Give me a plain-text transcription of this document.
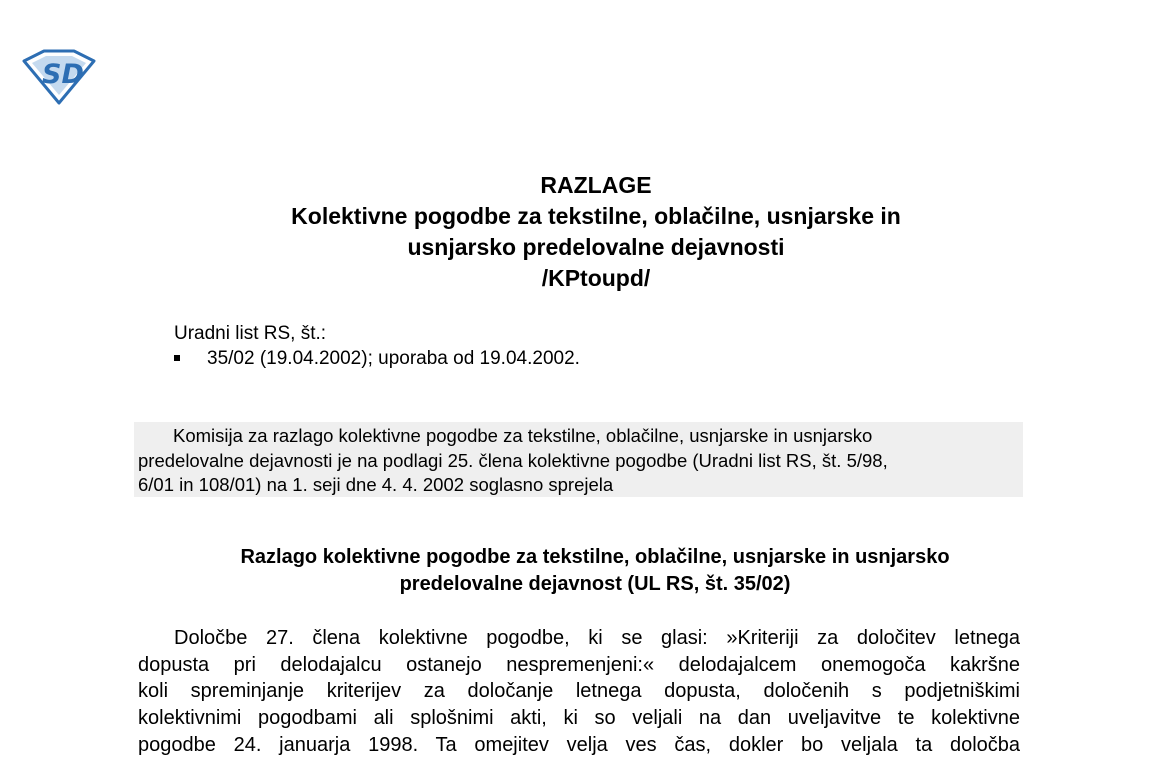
SD
RAZLAGE
Kolektivne pogodbe za tekstilne, oblačilne, usnjarske in
usnjarsko predelovalne dejavnosti
/KPtoupd/
Uradni list RS, št.:
35/02 (19.04.2002); uporaba od 19.04.2002.
Komisija za razlago kolektivne pogodbe za tekstilne, oblačilne, usnjarske in usnjarsko
predelovalne dejavnosti je na podlagi 25. člena kolektivne pogodbe (Uradni list RS, št. 5/98,
6/01 in 108/01) na 1. seji dne 4. 4. 2002 soglasno sprejela
Razlago kolektivne pogodbe za tekstilne, oblačilne, usnjarske in usnjarsko
predelovalne dejavnost (UL RS, št. 35/02)
Določbe 27. člena kolektivne pogodbe, ki se glasi: »Kriteriji za določitev letnega
dopusta pri delodajalcu ostanejo nespremenjeni:« delodajalcem onemogoča kakršne
koli spreminjanje kriterijev za določanje letnega dopusta, določenih s podjetniškimi
kolektivnimi pogodbami ali splošnimi akti, ki so veljali na dan uveljavitve te kolektivne
pogodbe 24. januarja 1998. Ta omejitev velja ves čas, dokler bo veljala ta določba
